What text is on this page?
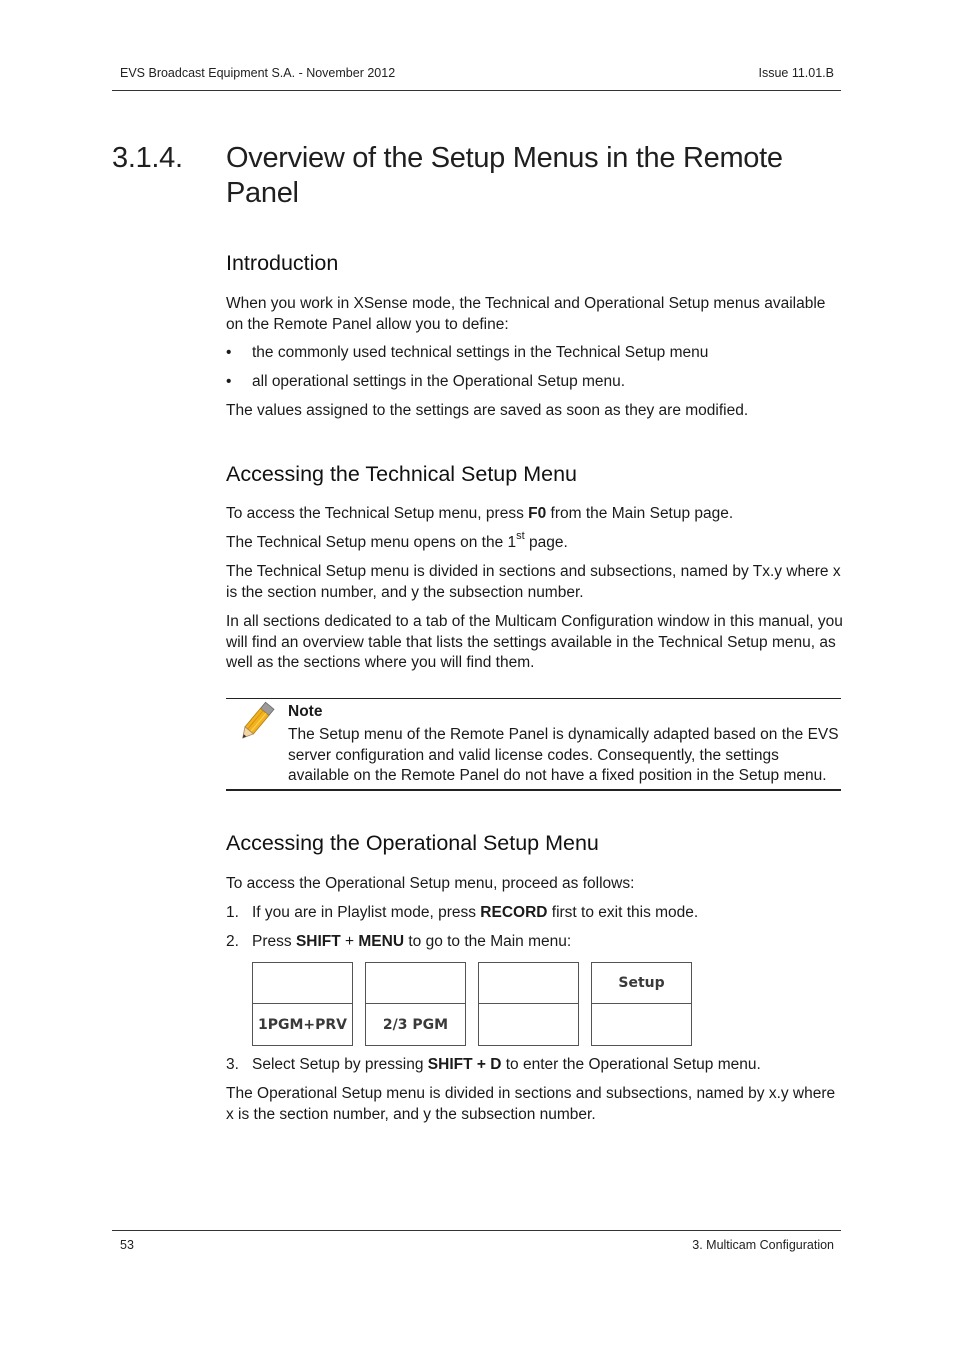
EVS Broadcast Equipment S.A. - November 2012	Issue 11.01.B
3.1.4. Overview of the Setup Menus in the Remote
Panel
Introduction
When you work in XSense mode, the Technical and Operational Setup menus available on the Remote Panel allow you to define:
• the commonly used technical settings in the Technical Setup menu
• all operational settings in the Operational Setup menu.
The values assigned to the settings are saved as soon as they are modified.
Accessing the Technical Setup Menu
To access the Technical Setup menu, press F0 from the Main Setup page.
The Technical Setup menu opens on the 1st page.
The Technical Setup menu is divided in sections and subsections, named by Tx.y where x is the section number, and y the subsection number.
In all sections dedicated to a tab of the Multicam Configuration window in this manual, you will find an overview table that lists the settings available in the Technical Setup menu, as well as the sections where you will find them.
Note
The Setup menu of the Remote Panel is dynamically adapted based on the EVS server configuration and valid license codes. Consequently, the settings available on the Remote Panel do not have a fixed position in the Setup menu.
Accessing the Operational Setup Menu
To access the Operational Setup menu, proceed as follows:
1. If you are in Playlist mode, press RECORD first to exit this mode.
2. Press SHIFT + MENU to go to the Main menu:
1PGM+PRV	2/3 PGM
Setup
3. Select Setup by pressing SHIFT + D to enter the Operational Setup menu.
The Operational Setup menu is divided in sections and subsections, named by x.y where x is the section number, and y the subsection number.
53	3. Multicam Configuration
